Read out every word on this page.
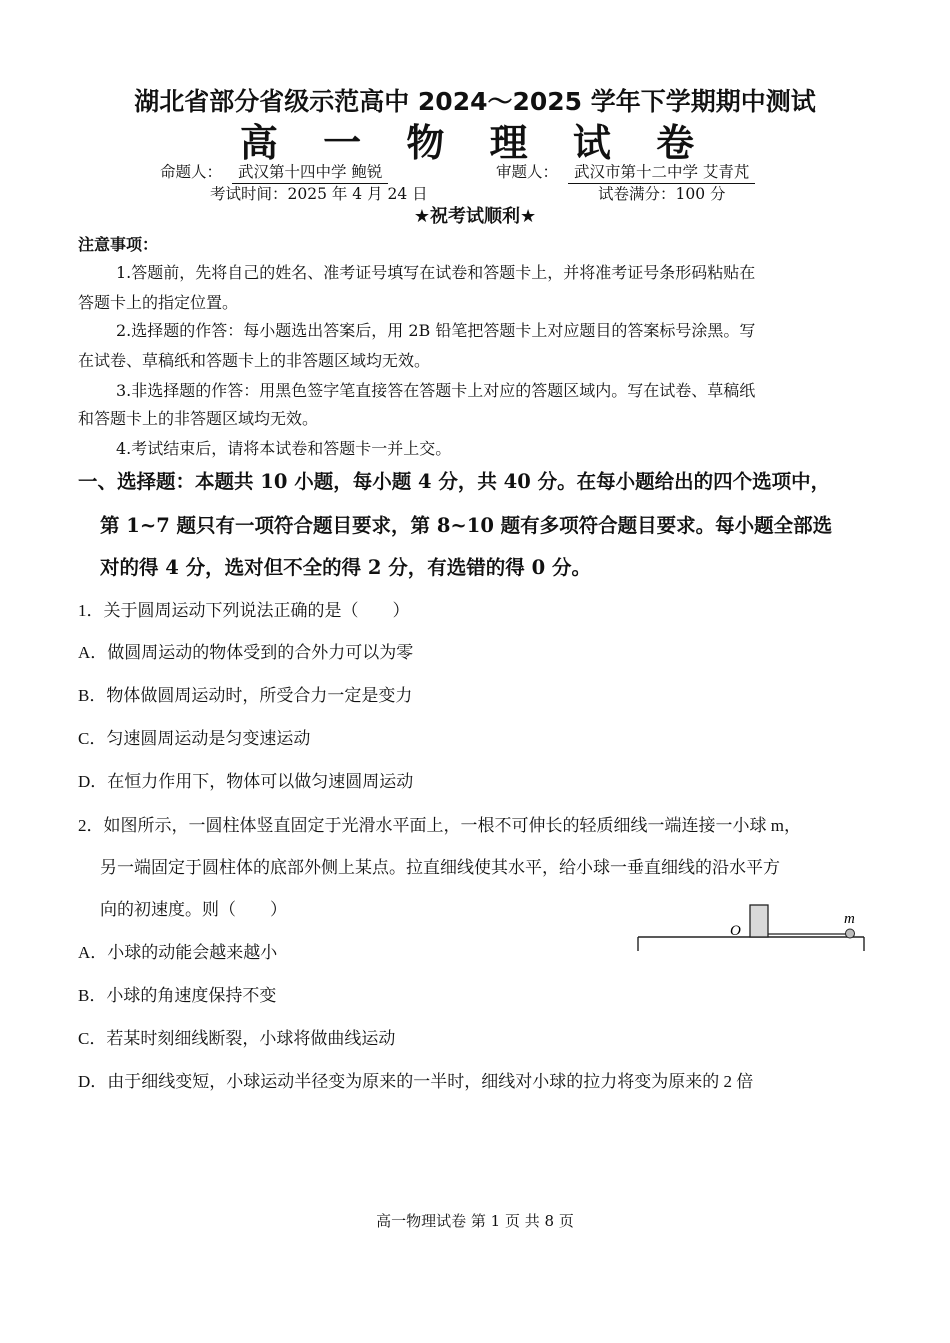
湖北省部分省级示范高中 2024～2025 学年下学期期中测试
高 一 物 理 试 卷
命题人：	武汉第十四中学 鲍锐	审题人：	武汉市第十二中学 艾青芃
考试时间：2025 年 4 月 24 日	试卷满分：100 分
★祝考试顺利★
注意事项：
1.答题前，先将自己的姓名、准考证号填写在试卷和答题卡上，并将准考证号条形码粘贴在
答题卡上的指定位置。
2.选择题的作答：每小题选出答案后，用 2B 铅笔把答题卡上对应题目的答案标号涂黑。写
在试卷、草稿纸和答题卡上的非答题区域均无效。
3.非选择题的作答：用黑色签字笔直接答在答题卡上对应的答题区域内。写在试卷、草稿纸
和答题卡上的非答题区域均无效。
4.考试结束后，请将本试卷和答题卡一并上交。
一、选择题：本题共 10 小题，每小题 4 分，共 40 分。在每小题给出的四个选项中，
第 1~7 题只有一项符合题目要求，第 8~10 题有多项符合题目要求。每小题全部选
对的得 4 分，选对但不全的得 2 分，有选错的得 0 分。
1．关于圆周运动下列说法正确的是（　　）
A．做圆周运动的物体受到的合外力可以为零
B．物体做圆周运动时，所受合力一定是变力
C．匀速圆周运动是匀变速运动
D．在恒力作用下，物体可以做匀速圆周运动
2．如图所示，一圆柱体竖直固定于光滑水平面上，一根不可伸长的轻质细线一端连接一小球 m，
另一端固定于圆柱体的底部外侧上某点。拉直细线使其水平，给小球一垂直细线的沿水平方
向的初速度。则（　　）
O
m
A．小球的动能会越来越小
B．小球的角速度保持不变
C．若某时刻细线断裂，小球将做曲线运动
D．由于细线变短，小球运动半径变为原来的一半时，细线对小球的拉力将变为原来的 2 倍
高一物理试卷 第 1 页 共 8 页
